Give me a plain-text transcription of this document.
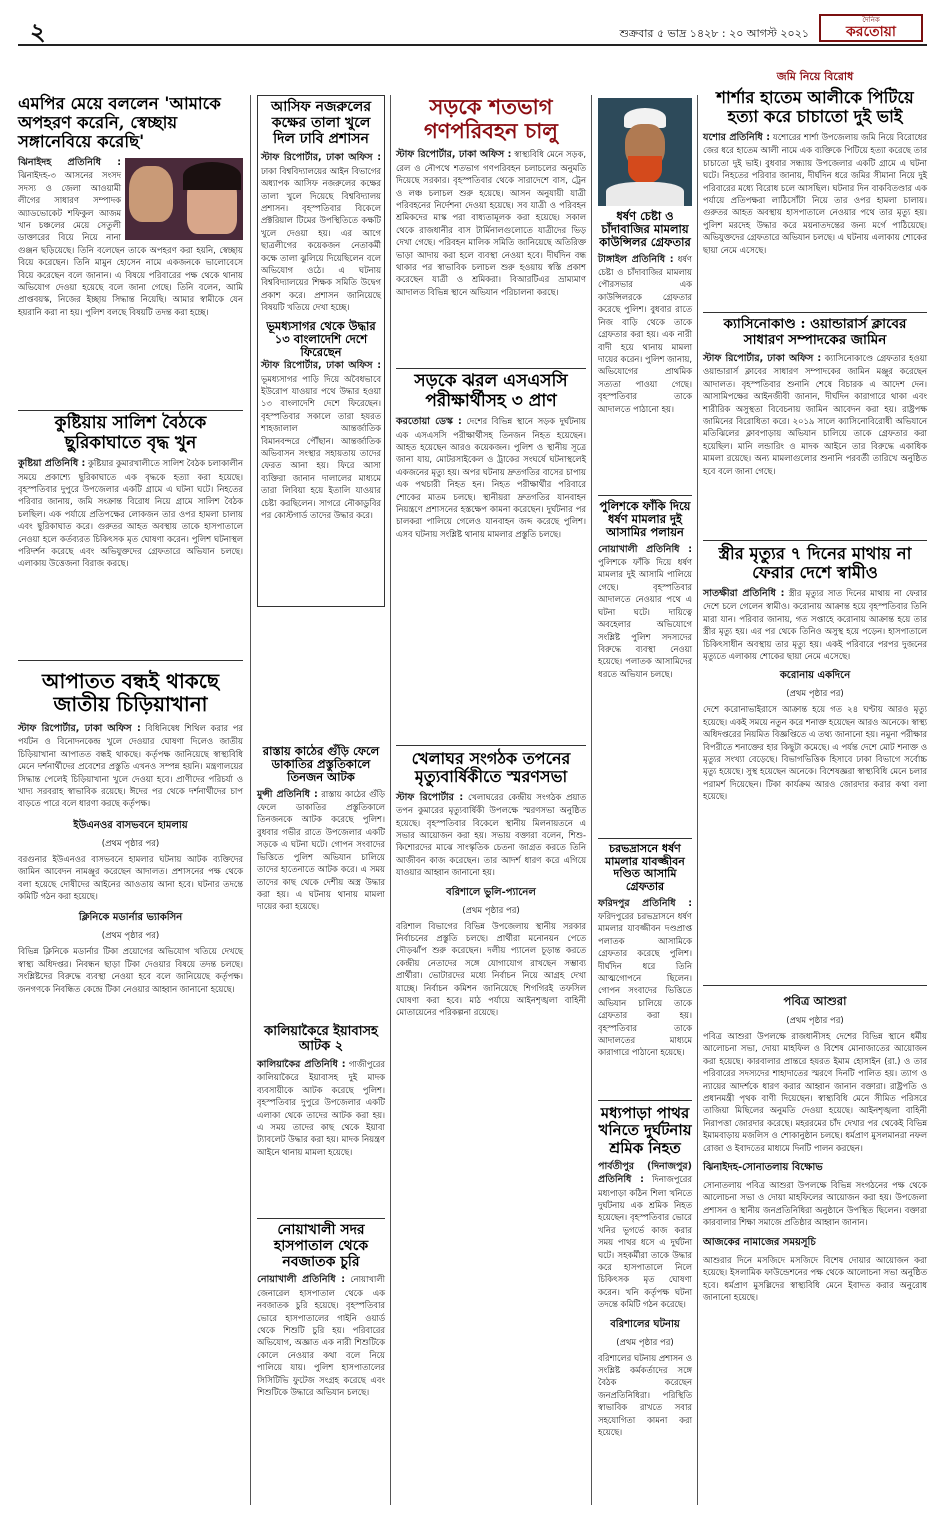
২	শুক্রবার ৫ ভাদ্র ১৪২৮ : ২০ আগস্ট ২০২১
দৈনিক
করতোয়া
এমপির মেয়ে বললেন 'আমাকে অপহরণ করেনি, স্বেচ্ছায় সঙ্গানেবিয়ে করেছি'
ঝিনাইদহ প্রতিনিধি : ঝিনাইদহ-৩ আসনের সংসদ সদস্য ও জেলা আওয়ামী লীগের সাধারণ সম্পাদক অ্যাডভোকেট শফিকুল আজম খান চঞ্চলের মেয়ে সেতুলী ডাক্তারের বিয়ে নিয়ে নানা গুঞ্জন ছড়িয়েছে। তিনি বলেছেন তাকে অপহরণ করা হয়নি, স্বেচ্ছায় বিয়ে করেছেন। তিনি মামুন হোসেন নামে একজনকে ভালোবেসে বিয়ে করেছেন বলে জানান। এ বিষয়ে পরিবারের পক্ষ থেকে থানায় অভিযোগ দেওয়া হয়েছে বলে জানা গেছে। তিনি বলেন, আমি প্রাপ্তবয়স্ক, নিজের ইচ্ছায় সিদ্ধান্ত নিয়েছি। আমার স্বামীকে যেন হয়রানি করা না হয়। পুলিশ বলছে বিষয়টি তদন্ত করা হচ্ছে।
কুষ্টিয়ায় সালিশ বৈঠকে ছুরিকাঘাতে বৃদ্ধ খুন
কুষ্টিয়া প্রতিনিধি : কুষ্টিয়ার কুমারখালীতে সালিশ বৈঠক চলাকালীন সময়ে প্রকাশ্যে ছুরিকাঘাতে এক বৃদ্ধকে হত্যা করা হয়েছে। বৃহস্পতিবার দুপুরে উপজেলার একটি গ্রামে এ ঘটনা ঘটে। নিহতের পরিবার জানায়, জমি সংক্রান্ত বিরোধ নিয়ে গ্রামে সালিশ বৈঠক চলছিল। এক পর্যায়ে প্রতিপক্ষের লোকজন তার ওপর হামলা চালায় এবং ছুরিকাঘাত করে। গুরুতর আহত অবস্থায় তাকে হাসপাতালে নেওয়া হলে কর্তব্যরত চিকিৎসক মৃত ঘোষণা করেন। পুলিশ ঘটনাস্থল পরিদর্শন করেছে এবং অভিযুক্তদের গ্রেফতারে অভিযান চলছে। এলাকায় উত্তেজনা বিরাজ করছে।
আপাতত বন্ধই থাকছে জাতীয় চিড়িয়াখানা
স্টাফ রিপোর্টার, ঢাকা অফিস : বিধিনিষেধ শিথিল করার পর পর্যটন ও বিনোদনকেন্দ্র খুলে দেওয়ার ঘোষণা দিলেও জাতীয় চিড়িয়াখানা আপাতত বন্ধই থাকছে। কর্তৃপক্ষ জানিয়েছে স্বাস্থ্যবিধি মেনে দর্শনার্থীদের প্রবেশের প্রস্তুতি এখনও সম্পন্ন হয়নি। মন্ত্রণালয়ের সিদ্ধান্ত পেলেই চিড়িয়াখানা খুলে দেওয়া হবে। প্রাণীদের পরিচর্যা ও খাদ্য সরবরাহ স্বাভাবিক রয়েছে। ঈদের পর থেকে দর্শনার্থীদের চাপ বাড়তে পারে বলে ধারণা করছে কর্তৃপক্ষ।
ইউএনওর বাসভবনে হামলায়
(প্রথম পৃষ্ঠার পর)
বরগুনার ইউএনওর বাসভবনে হামলার ঘটনায় আটক ব্যক্তিদের জামিন আবেদন নামঞ্জুর করেছেন আদালত। প্রশাসনের পক্ষ থেকে বলা হয়েছে দোষীদের আইনের আওতায় আনা হবে। ঘটনার তদন্তে কমিটি গঠন করা হয়েছে।
ক্লিনিকে মডার্নার ভ্যাকসিন
(প্রথম পৃষ্ঠার পর)
বিভিন্ন ক্লিনিকে মডার্নার টিকা প্রয়োগের অভিযোগ খতিয়ে দেখছে স্বাস্থ্য অধিদপ্তর। নিবন্ধন ছাড়া টিকা দেওয়ার বিষয়ে তদন্ত চলছে। সংশ্লিষ্টদের বিরুদ্ধে ব্যবস্থা নেওয়া হবে বলে জানিয়েছে কর্তৃপক্ষ। জনগণকে নিবন্ধিত কেন্দ্রে টিকা নেওয়ার আহ্বান জানানো হয়েছে।
আসিফ নজরুলের কক্ষের তালা খুলে দিল ঢাবি প্রশাসন
স্টাফ রিপোর্টার, ঢাকা অফিস : ঢাকা বিশ্ববিদ্যালয়ের আইন বিভাগের অধ্যাপক আসিফ নজরুলের কক্ষের তালা খুলে দিয়েছে বিশ্ববিদ্যালয় প্রশাসন। বৃহস্পতিবার বিকেলে প্রক্টরিয়াল টিমের উপস্থিতিতে কক্ষটি খুলে দেওয়া হয়। এর আগে ছাত্রলীগের কয়েকজন নেতাকর্মী কক্ষে তালা ঝুলিয়ে দিয়েছিলেন বলে অভিযোগ ওঠে। এ ঘটনায় বিশ্ববিদ্যালয়ের শিক্ষক সমিতি উদ্বেগ প্রকাশ করে। প্রশাসন জানিয়েছে বিষয়টি খতিয়ে দেখা হচ্ছে।
ভূমধ্যসাগর থেকে উদ্ধার ১৩ বাংলাদেশি দেশে ফিরেছেন
স্টাফ রিপোর্টার, ঢাকা অফিস : ভূমধ্যসাগর পাড়ি দিয়ে অবৈধভাবে ইউরোপ যাওয়ার পথে উদ্ধার হওয়া ১৩ বাংলাদেশি দেশে ফিরেছেন। বৃহস্পতিবার সকালে তারা হযরত শাহজালাল আন্তর্জাতিক বিমানবন্দরে পৌঁছান। আন্তর্জাতিক অভিবাসন সংস্থার সহায়তায় তাদের ফেরত আনা হয়। ফিরে আসা ব্যক্তিরা জানান দালালের মাধ্যমে তারা লিবিয়া হয়ে ইতালি যাওয়ার চেষ্টা করছিলেন। সাগরে নৌকাডুবির পর কোস্টগার্ড তাদের উদ্ধার করে।
রাস্তায় কাঠের গুঁড়ি ফেলে ডাকাতির প্রস্তুতিকালে তিনজন আটক
মুন্সী প্রতিনিধি : রাস্তায় কাঠের গুঁড়ি ফেলে ডাকাতির প্রস্তুতিকালে তিনজনকে আটক করেছে পুলিশ। বুধবার গভীর রাতে উপজেলার একটি সড়কে এ ঘটনা ঘটে। গোপন সংবাদের ভিত্তিতে পুলিশ অভিযান চালিয়ে তাদের হাতেনাতে আটক করে। এ সময় তাদের কাছ থেকে দেশীয় অস্ত্র উদ্ধার করা হয়। এ ঘটনায় থানায় মামলা দায়ের করা হয়েছে।
কালিয়াকৈরে ইয়াবাসহ আটক ২
কালিয়াকৈর প্রতিনিধি : গাজীপুরের কালিয়াকৈরে ইয়াবাসহ দুই মাদক ব্যবসায়ীকে আটক করেছে পুলিশ। বৃহস্পতিবার দুপুরে উপজেলার একটি এলাকা থেকে তাদের আটক করা হয়। এ সময় তাদের কাছ থেকে ইয়াবা ট্যাবলেট উদ্ধার করা হয়। মাদক নিয়ন্ত্রণ আইনে থানায় মামলা হয়েছে।
নোয়াখালী সদর হাসপাতাল থেকে নবজাতক চুরি
নোয়াখালী প্রতিনিধি : নোয়াখালী জেনারেল হাসপাতাল থেকে এক নবজাতক চুরি হয়েছে। বৃহস্পতিবার ভোরে হাসপাতালের গাইনি ওয়ার্ড থেকে শিশুটি চুরি হয়। পরিবারের অভিযোগ, অজ্ঞাত এক নারী শিশুটিকে কোলে নেওয়ার কথা বলে নিয়ে পালিয়ে যায়। পুলিশ হাসপাতালের সিসিটিভি ফুটেজ সংগ্রহ করেছে এবং শিশুটিকে উদ্ধারে অভিযান চলছে।
সড়কে শতভাগ গণপরিবহন চালু
স্টাফ রিপোর্টার, ঢাকা অফিস : স্বাস্থ্যবিধি মেনে সড়ক, রেল ও নৌপথে শতভাগ গণপরিবহন চলাচলের অনুমতি দিয়েছে সরকার। বৃহস্পতিবার থেকে সারাদেশে বাস, ট্রেন ও লঞ্চ চলাচল শুরু হয়েছে। আসন অনুযায়ী যাত্রী পরিবহনের নির্দেশনা দেওয়া হয়েছে। সব যাত্রী ও পরিবহন শ্রমিকদের মাস্ক পরা বাধ্যতামূলক করা হয়েছে। সকাল থেকে রাজধানীর বাস টার্মিনালগুলোতে যাত্রীদের ভিড় দেখা গেছে। পরিবহন মালিক সমিতি জানিয়েছে অতিরিক্ত ভাড়া আদায় করা হলে ব্যবস্থা নেওয়া হবে। দীর্ঘদিন বন্ধ থাকার পর স্বাভাবিক চলাচল শুরু হওয়ায় স্বস্তি প্রকাশ করেছেন যাত্রী ও শ্রমিকরা। বিআরটিএর ভ্রাম্যমাণ আদালত বিভিন্ন স্থানে অভিযান পরিচালনা করছে।
সড়কে ঝরল এসএসসি পরীক্ষার্থীসহ ৩ প্রাণ
করতোয়া ডেস্ক : দেশের বিভিন্ন স্থানে সড়ক দুর্ঘটনায় এক এসএসসি পরীক্ষার্থীসহ তিনজন নিহত হয়েছেন। আহত হয়েছেন আরও কয়েকজন। পুলিশ ও স্থানীয় সূত্রে জানা যায়, মোটরসাইকেল ও ট্রাকের সংঘর্ষে ঘটনাস্থলেই একজনের মৃত্যু হয়। অপর ঘটনায় দ্রুতগতির বাসের চাপায় এক পথচারী নিহত হন। নিহত পরীক্ষার্থীর পরিবারে শোকের মাতম চলছে। স্থানীয়রা দ্রুতগতির যানবাহন নিয়ন্ত্রণে প্রশাসনের হস্তক্ষেপ কামনা করেছেন। দুর্ঘটনার পর চালকরা পালিয়ে গেলেও যানবাহন জব্দ করেছে পুলিশ। এসব ঘটনায় সংশ্লিষ্ট থানায় মামলার প্রস্তুতি চলছে।
খেলাঘর সংগঠক তপনের মৃত্যুবার্ষিকীতে স্মরণসভা
স্টাফ রিপোর্টার : খেলাঘরের কেন্দ্রীয় সংগঠক প্রয়াত তপন কুমারের মৃত্যুবার্ষিকী উপলক্ষে স্মরণসভা অনুষ্ঠিত হয়েছে। বৃহস্পতিবার বিকেলে স্থানীয় মিলনায়তনে এ সভার আয়োজন করা হয়। সভায় বক্তারা বলেন, শিশু-কিশোরদের মাঝে সাংস্কৃতিক চেতনা জাগ্রত করতে তিনি আজীবন কাজ করেছেন। তার আদর্শ ধারণ করে এগিয়ে যাওয়ার আহ্বান জানানো হয়।
বরিশালে ভুলি-প্যানেল
(প্রথম পৃষ্ঠার পর)
বরিশাল বিভাগের বিভিন্ন উপজেলায় স্থানীয় সরকার নির্বাচনের প্রস্তুতি চলছে। প্রার্থীরা মনোনয়ন পেতে দৌড়ঝাঁপ শুরু করেছেন। দলীয় প্যানেল চূড়ান্ত করতে কেন্দ্রীয় নেতাদের সঙ্গে যোগাযোগ রাখছেন সম্ভাব্য প্রার্থীরা। ভোটারদের মধ্যে নির্বাচন নিয়ে আগ্রহ দেখা যাচ্ছে। নির্বাচন কমিশন জানিয়েছে শিগগিরই তফসিল ঘোষণা করা হবে। মাঠ পর্যায়ে আইনশৃঙ্খলা বাহিনী মোতায়েনের পরিকল্পনা রয়েছে।
ধর্ষণ চেষ্টা ও চাঁদাবাজির মামলায় কাউন্সিলর গ্রেফতার
টাঙ্গাইল প্রতিনিধি : ধর্ষণ চেষ্টা ও চাঁদাবাজির মামলায় পৌরসভার এক কাউন্সিলরকে গ্রেফতার করেছে পুলিশ। বুধবার রাতে নিজ বাড়ি থেকে তাকে গ্রেফতার করা হয়। এক নারী বাদী হয়ে থানায় মামলা দায়ের করেন। পুলিশ জানায়, অভিযোগের প্রাথমিক সত্যতা পাওয়া গেছে। বৃহস্পতিবার তাকে আদালতে পাঠানো হয়।
পুলিশকে ফাঁকি দিয়ে ধর্ষণ মামলার দুই আসামির পলায়ন
নোয়াখালী প্রতিনিধি : পুলিশকে ফাঁকি দিয়ে ধর্ষণ মামলার দুই আসামি পালিয়ে গেছে। বৃহস্পতিবার আদালতে নেওয়ার পথে এ ঘটনা ঘটে। দায়িত্বে অবহেলার অভিযোগে সংশ্লিষ্ট পুলিশ সদস্যদের বিরুদ্ধে ব্যবস্থা নেওয়া হয়েছে। পলাতক আসামিদের ধরতে অভিযান চলছে।
চরভদ্রাসনে ধর্ষণ মামলার যাবজ্জীবন দণ্ডিত আসামি গ্রেফতার
ফরিদপুর প্রতিনিধি : ফরিদপুরের চরভদ্রাসনে ধর্ষণ মামলার যাবজ্জীবন দণ্ডপ্রাপ্ত পলাতক আসামিকে গ্রেফতার করেছে পুলিশ। দীর্ঘদিন ধরে তিনি আত্মগোপনে ছিলেন। গোপন সংবাদের ভিত্তিতে অভিযান চালিয়ে তাকে গ্রেফতার করা হয়। বৃহস্পতিবার তাকে আদালতের মাধ্যমে কারাগারে পাঠানো হয়েছে।
মধ্যপাড়া পাথর খনিতে দুর্ঘটনায় শ্রমিক নিহত
পার্বতীপুর (দিনাজপুর) প্রতিনিধি : দিনাজপুরের মধ্যপাড়া কঠিন শিলা খনিতে দুর্ঘটনায় এক শ্রমিক নিহত হয়েছেন। বৃহস্পতিবার ভোরে খনির ভূগর্ভে কাজ করার সময় পাথর ধসে এ দুর্ঘটনা ঘটে। সহকর্মীরা তাকে উদ্ধার করে হাসপাতালে নিলে চিকিৎসক মৃত ঘোষণা করেন। খনি কর্তৃপক্ষ ঘটনা তদন্তে কমিটি গঠন করেছে।
বরিশালের ঘটনায়
(প্রথম পৃষ্ঠার পর)
বরিশালের ঘটনায় প্রশাসন ও সংশ্লিষ্ট কর্মকর্তাদের সঙ্গে বৈঠক করেছেন জনপ্রতিনিধিরা। পরিস্থিতি স্বাভাবিক রাখতে সবার সহযোগিতা কামনা করা হয়েছে।
জমি নিয়ে বিরোধ
শার্শার হাতেম আলীকে পিটিয়ে হত্যা করে চাচাতো দুই ভাই
যশোর প্রতিনিধি : যশোরের শার্শা উপজেলায় জমি নিয়ে বিরোধের জের ধরে হাতেম আলী নামে এক ব্যক্তিকে পিটিয়ে হত্যা করেছে তার চাচাতো দুই ভাই। বুধবার সন্ধ্যায় উপজেলার একটি গ্রামে এ ঘটনা ঘটে। নিহতের পরিবার জানায়, দীর্ঘদিন ধরে জমির সীমানা নিয়ে দুই পরিবারের মধ্যে বিরোধ চলে আসছিল। ঘটনার দিন বাকবিতণ্ডার এক পর্যায়ে প্রতিপক্ষরা লাঠিসোঁটা নিয়ে তার ওপর হামলা চালায়। গুরুতর আহত অবস্থায় হাসপাতালে নেওয়ার পথে তার মৃত্যু হয়। পুলিশ মরদেহ উদ্ধার করে ময়নাতদন্তের জন্য মর্গে পাঠিয়েছে। অভিযুক্তদের গ্রেফতারে অভিযান চলছে। এ ঘটনায় এলাকায় শোকের ছায়া নেমে এসেছে।
ক্যাসিনোকাণ্ড : ওয়ান্ডারার্স ক্লাবের সাধারণ সম্পাদকের জামিন
স্টাফ রিপোর্টার, ঢাকা অফিস : ক্যাসিনোকাণ্ডে গ্রেফতার হওয়া ওয়ান্ডারার্স ক্লাবের সাধারণ সম্পাদকের জামিন মঞ্জুর করেছেন আদালত। বৃহস্পতিবার শুনানি শেষে বিচারক এ আদেশ দেন। আসামিপক্ষের আইনজীবী জানান, দীর্ঘদিন কারাগারে থাকা এবং শারীরিক অসুস্থতা বিবেচনায় জামিন আবেদন করা হয়। রাষ্ট্রপক্ষ জামিনের বিরোধিতা করে। ২০১৯ সালে ক্যাসিনোবিরোধী অভিযানে মতিঝিলের ক্লাবপাড়ায় অভিযান চালিয়ে তাকে গ্রেফতার করা হয়েছিল। মানি লন্ডারিং ও মাদক আইনে তার বিরুদ্ধে একাধিক মামলা রয়েছে। অন্য মামলাগুলোর শুনানি পরবর্তী তারিখে অনুষ্ঠিত হবে বলে জানা গেছে।
স্ত্রীর মৃত্যুর ৭ দিনের মাথায় না ফেরার দেশে স্বামীও
সাতক্ষীরা প্রতিনিধি : স্ত্রীর মৃত্যুর সাত দিনের মাথায় না ফেরার দেশে চলে গেলেন স্বামীও। করোনায় আক্রান্ত হয়ে বৃহস্পতিবার তিনি মারা যান। পরিবার জানায়, গত সপ্তাহে করোনায় আক্রান্ত হয়ে তার স্ত্রীর মৃত্যু হয়। এর পর থেকে তিনিও অসুস্থ হয়ে পড়েন। হাসপাতালে চিকিৎসাধীন অবস্থায় তার মৃত্যু হয়। একই পরিবারে পরপর দুজনের মৃত্যুতে এলাকায় শোকের ছায়া নেমে এসেছে।
করোনায় একদিনে
(প্রথম পৃষ্ঠার পর)
দেশে করোনাভাইরাসে আক্রান্ত হয়ে গত ২৪ ঘণ্টায় আরও মৃত্যু হয়েছে। একই সময়ে নতুন করে শনাক্ত হয়েছেন আরও অনেকে। স্বাস্থ্য অধিদপ্তরের নিয়মিত বিজ্ঞপ্তিতে এ তথ্য জানানো হয়। নমুনা পরীক্ষার বিপরীতে শনাক্তের হার কিছুটা কমেছে। এ পর্যন্ত দেশে মোট শনাক্ত ও মৃত্যুর সংখ্যা বেড়েছে। বিভাগভিত্তিক হিসাবে ঢাকা বিভাগে সর্বোচ্চ মৃত্যু হয়েছে। সুস্থ হয়েছেন অনেকে। বিশেষজ্ঞরা স্বাস্থ্যবিধি মেনে চলার পরামর্শ দিয়েছেন। টিকা কার্যক্রম আরও জোরদার করার কথা বলা হয়েছে।
পবিত্র আশুরা
(প্রথম পৃষ্ঠার পর)
পবিত্র আশুরা উপলক্ষে রাজধানীসহ দেশের বিভিন্ন স্থানে ধর্মীয় আলোচনা সভা, দোয়া মাহফিল ও বিশেষ মোনাজাতের আয়োজন করা হয়েছে। কারবালার প্রান্তরে হযরত ইমাম হোসাইন (রা.) ও তার পরিবারের সদস্যদের শাহাদাতের স্মরণে দিনটি পালিত হয়। ত্যাগ ও ন্যায়ের আদর্শকে ধারণ করার আহ্বান জানান বক্তারা। রাষ্ট্রপতি ও প্রধানমন্ত্রী পৃথক বাণী দিয়েছেন। স্বাস্থ্যবিধি মেনে সীমিত পরিসরে তাজিয়া মিছিলের অনুমতি দেওয়া হয়েছে। আইনশৃঙ্খলা বাহিনী নিরাপত্তা জোরদার করেছে। মহররমের চাঁদ দেখার পর থেকেই বিভিন্ন ইমামবাড়ায় মজলিস ও শোকানুষ্ঠান চলছে। ধর্মপ্রাণ মুসলমানরা নফল রোজা ও ইবাদতের মাধ্যমে দিনটি পালন করছেন।
ঝিনাইদহ-সোনাতলায় বিক্ষোভ
সোনাতলায় পবিত্র আশুরা উপলক্ষে বিভিন্ন সংগঠনের পক্ষ থেকে আলোচনা সভা ও দোয়া মাহফিলের আয়োজন করা হয়। উপজেলা প্রশাসন ও স্থানীয় জনপ্রতিনিধিরা অনুষ্ঠানে উপস্থিত ছিলেন। বক্তারা কারবালার শিক্ষা সমাজে প্রতিষ্ঠার আহ্বান জানান।
আজকের নামাজের সময়সূচি
আশুরার দিনে মসজিদে মসজিদে বিশেষ দোয়ার আয়োজন করা হয়েছে। ইসলামিক ফাউন্ডেশনের পক্ষ থেকে আলোচনা সভা অনুষ্ঠিত হবে। ধর্মপ্রাণ মুসল্লিদের স্বাস্থ্যবিধি মেনে ইবাদত করার অনুরোধ জানানো হয়েছে।
